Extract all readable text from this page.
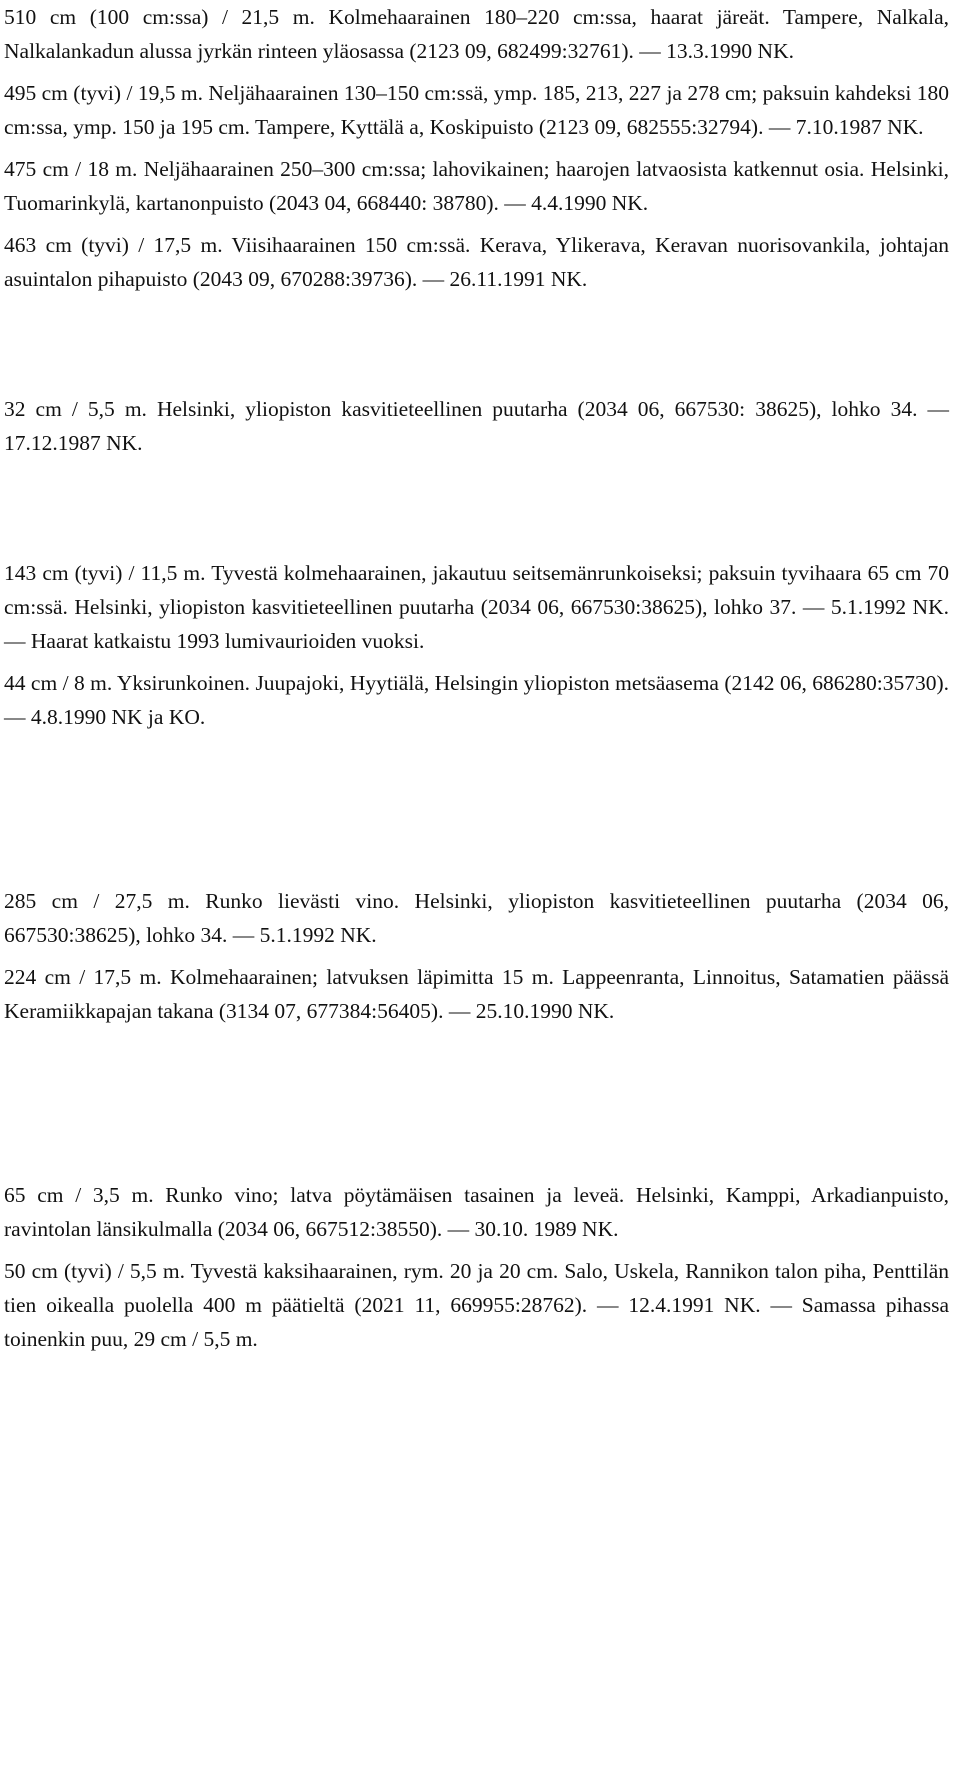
510 cm (100 cm:ssa) / 21,5 m. Kolmehaarainen 180–220 cm:ssa, haarat järeät. Tampere, Nalkala, Nalkalankadun alussa jyrkän rinteen yläosassa (2123 09, 682499:32761). — 13.3.1990 NK.

495 cm (tyvi) / 19,5 m. Neljähaarainen 130–150 cm:ssä, ymp. 185, 213, 227 ja 278 cm; paksuin kahdeksi 180 cm:ssa, ymp. 150 ja 195 cm. Tampere, Kyttälä a, Koskipuisto (2123 09, 682555:32794). — 7.10.1987 NK.

475 cm / 18 m. Neljähaarainen 250–300 cm:ssa; lahovikainen; haarojen latvaosista katkennut osia. Helsinki, Tuomarinkylä, kartanonpuisto (2043 04, 668440: 38780). — 4.4.1990 NK.

463 cm (tyvi) / 17,5 m. Viisihaarainen 150 cm:ssä. Kerava, Ylikerava, Keravan nuorisovankila, johtajan asuintalon pihapuisto (2043 09, 670288:39736). — 26.11.1991 NK.

32 cm / 5,5 m. Helsinki, yliopiston kasvitieteellinen puutarha (2034 06, 667530: 38625), lohko 34. — 17.12.1987 NK.

143 cm (tyvi) / 11,5 m. Tyvestä kolmehaarainen, jakautuu seitsemänrunkoiseksi; paksuin tyvihaara 65 cm 70 cm:ssä. Helsinki, yliopiston kasvitieteellinen puutarha (2034 06, 667530:38625), lohko 37. — 5.1.1992 NK. — Haarat katkaistu 1993 lumivaurioiden vuoksi.

44 cm / 8 m. Yksirunkoinen. Juupajoki, Hyytiälä, Helsingin yliopiston metsäasema (2142 06, 686280:35730). — 4.8.1990 NK ja KO.

285 cm / 27,5 m. Runko lievästi vino. Helsinki, yliopiston kasvitieteellinen puutarha (2034 06, 667530:38625), lohko 34. — 5.1.1992 NK.

224 cm / 17,5 m. Kolmehaarainen; latvuksen läpimitta 15 m. Lappeenranta, Linnoitus, Satamatien päässä Keramiikkapajan takana (3134 07, 677384:56405). — 25.10.1990 NK.

65 cm / 3,5 m. Runko vino; latva pöytämäisen tasainen ja leveä. Helsinki, Kamppi, Arkadianpuisto, ravintolan länsikulmalla (2034 06, 667512:38550). — 30.10. 1989 NK.

50 cm (tyvi) / 5,5 m. Tyvestä kaksihaarainen, rym. 20 ja 20 cm. Salo, Uskela, Rannikon talon piha, Penttilän tien oikealla puolella 400 m päätieltä (2021 11, 669955:28762). — 12.4.1991 NK. — Samassa pihassa toinenkin puu, 29 cm / 5,5 m.
